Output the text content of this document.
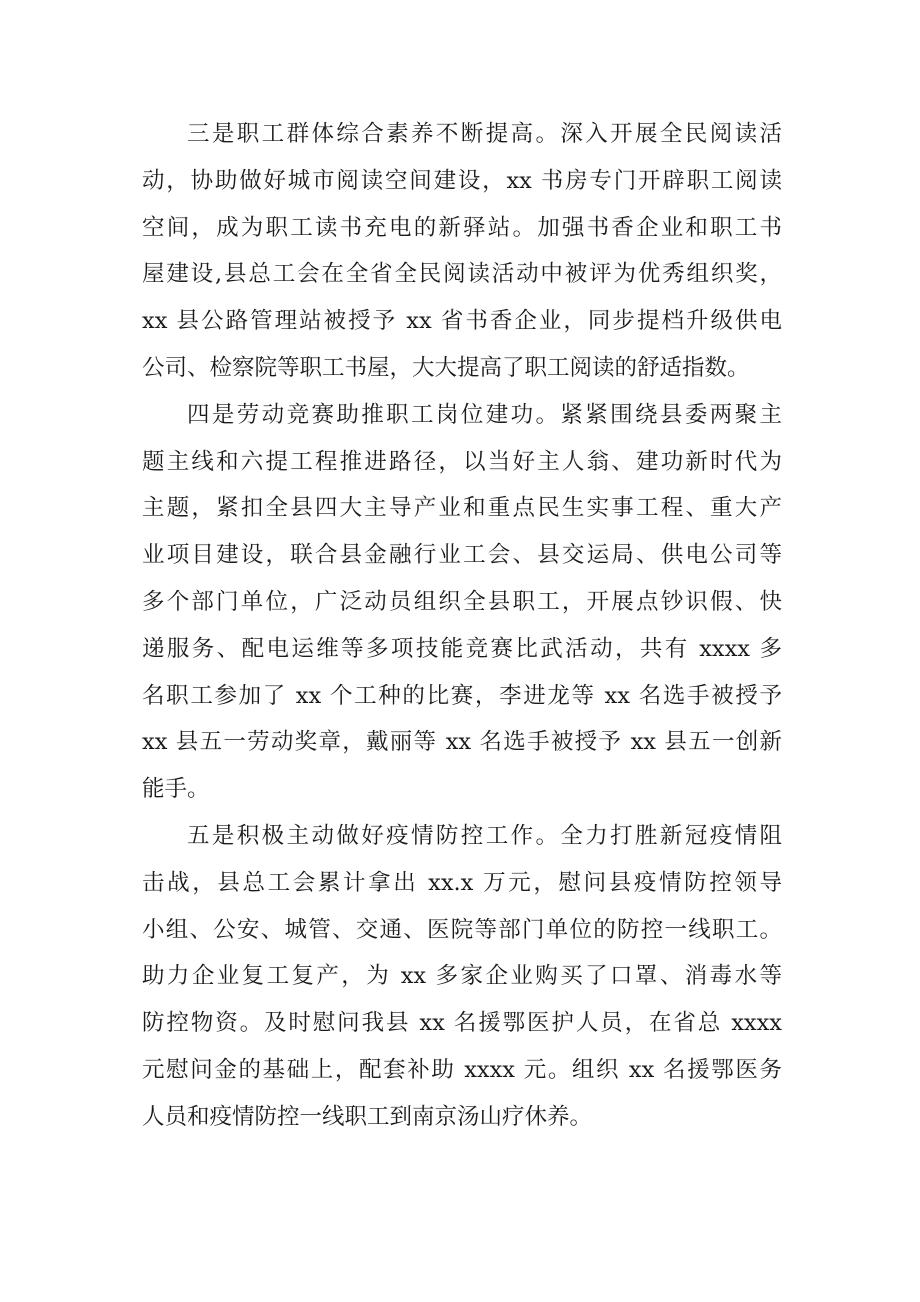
三是职工群体综合素养不断提高。深入开展全民阅读活
动，协助做好城市阅读空间建设，xx 书房专门开辟职工阅读
空间，成为职工读书充电的新驿站。加强书香企业和职工书
屋建设,县总工会在全省全民阅读活动中被评为优秀组织奖，
xx 县公路管理站被授予 xx 省书香企业，同步提档升级供电
公司、检察院等职工书屋，大大提高了职工阅读的舒适指数。
四是劳动竞赛助推职工岗位建功。紧紧围绕县委两聚主
题主线和六提工程推进路径，以当好主人翁、建功新时代为
主题，紧扣全县四大主导产业和重点民生实事工程、重大产
业项目建设，联合县金融行业工会、县交运局、供电公司等
多个部门单位，广泛动员组织全县职工，开展点钞识假、快
递服务、配电运维等多项技能竞赛比武活动，共有 xxxx 多
名职工参加了 xx 个工种的比赛，李进龙等 xx 名选手被授予
xx 县五一劳动奖章，戴丽等 xx 名选手被授予 xx 县五一创新
能手。
五是积极主动做好疫情防控工作。全力打胜新冠疫情阻
击战，县总工会累计拿出 xx.x 万元，慰问县疫情防控领导
小组、公安、城管、交通、医院等部门单位的防控一线职工。
助力企业复工复产，为 xx 多家企业购买了口罩、消毒水等
防控物资。及时慰问我县 xx 名援鄂医护人员，在省总 xxxx
元慰问金的基础上，配套补助 xxxx 元。组织 xx 名援鄂医务
人员和疫情防控一线职工到南京汤山疗休养。
